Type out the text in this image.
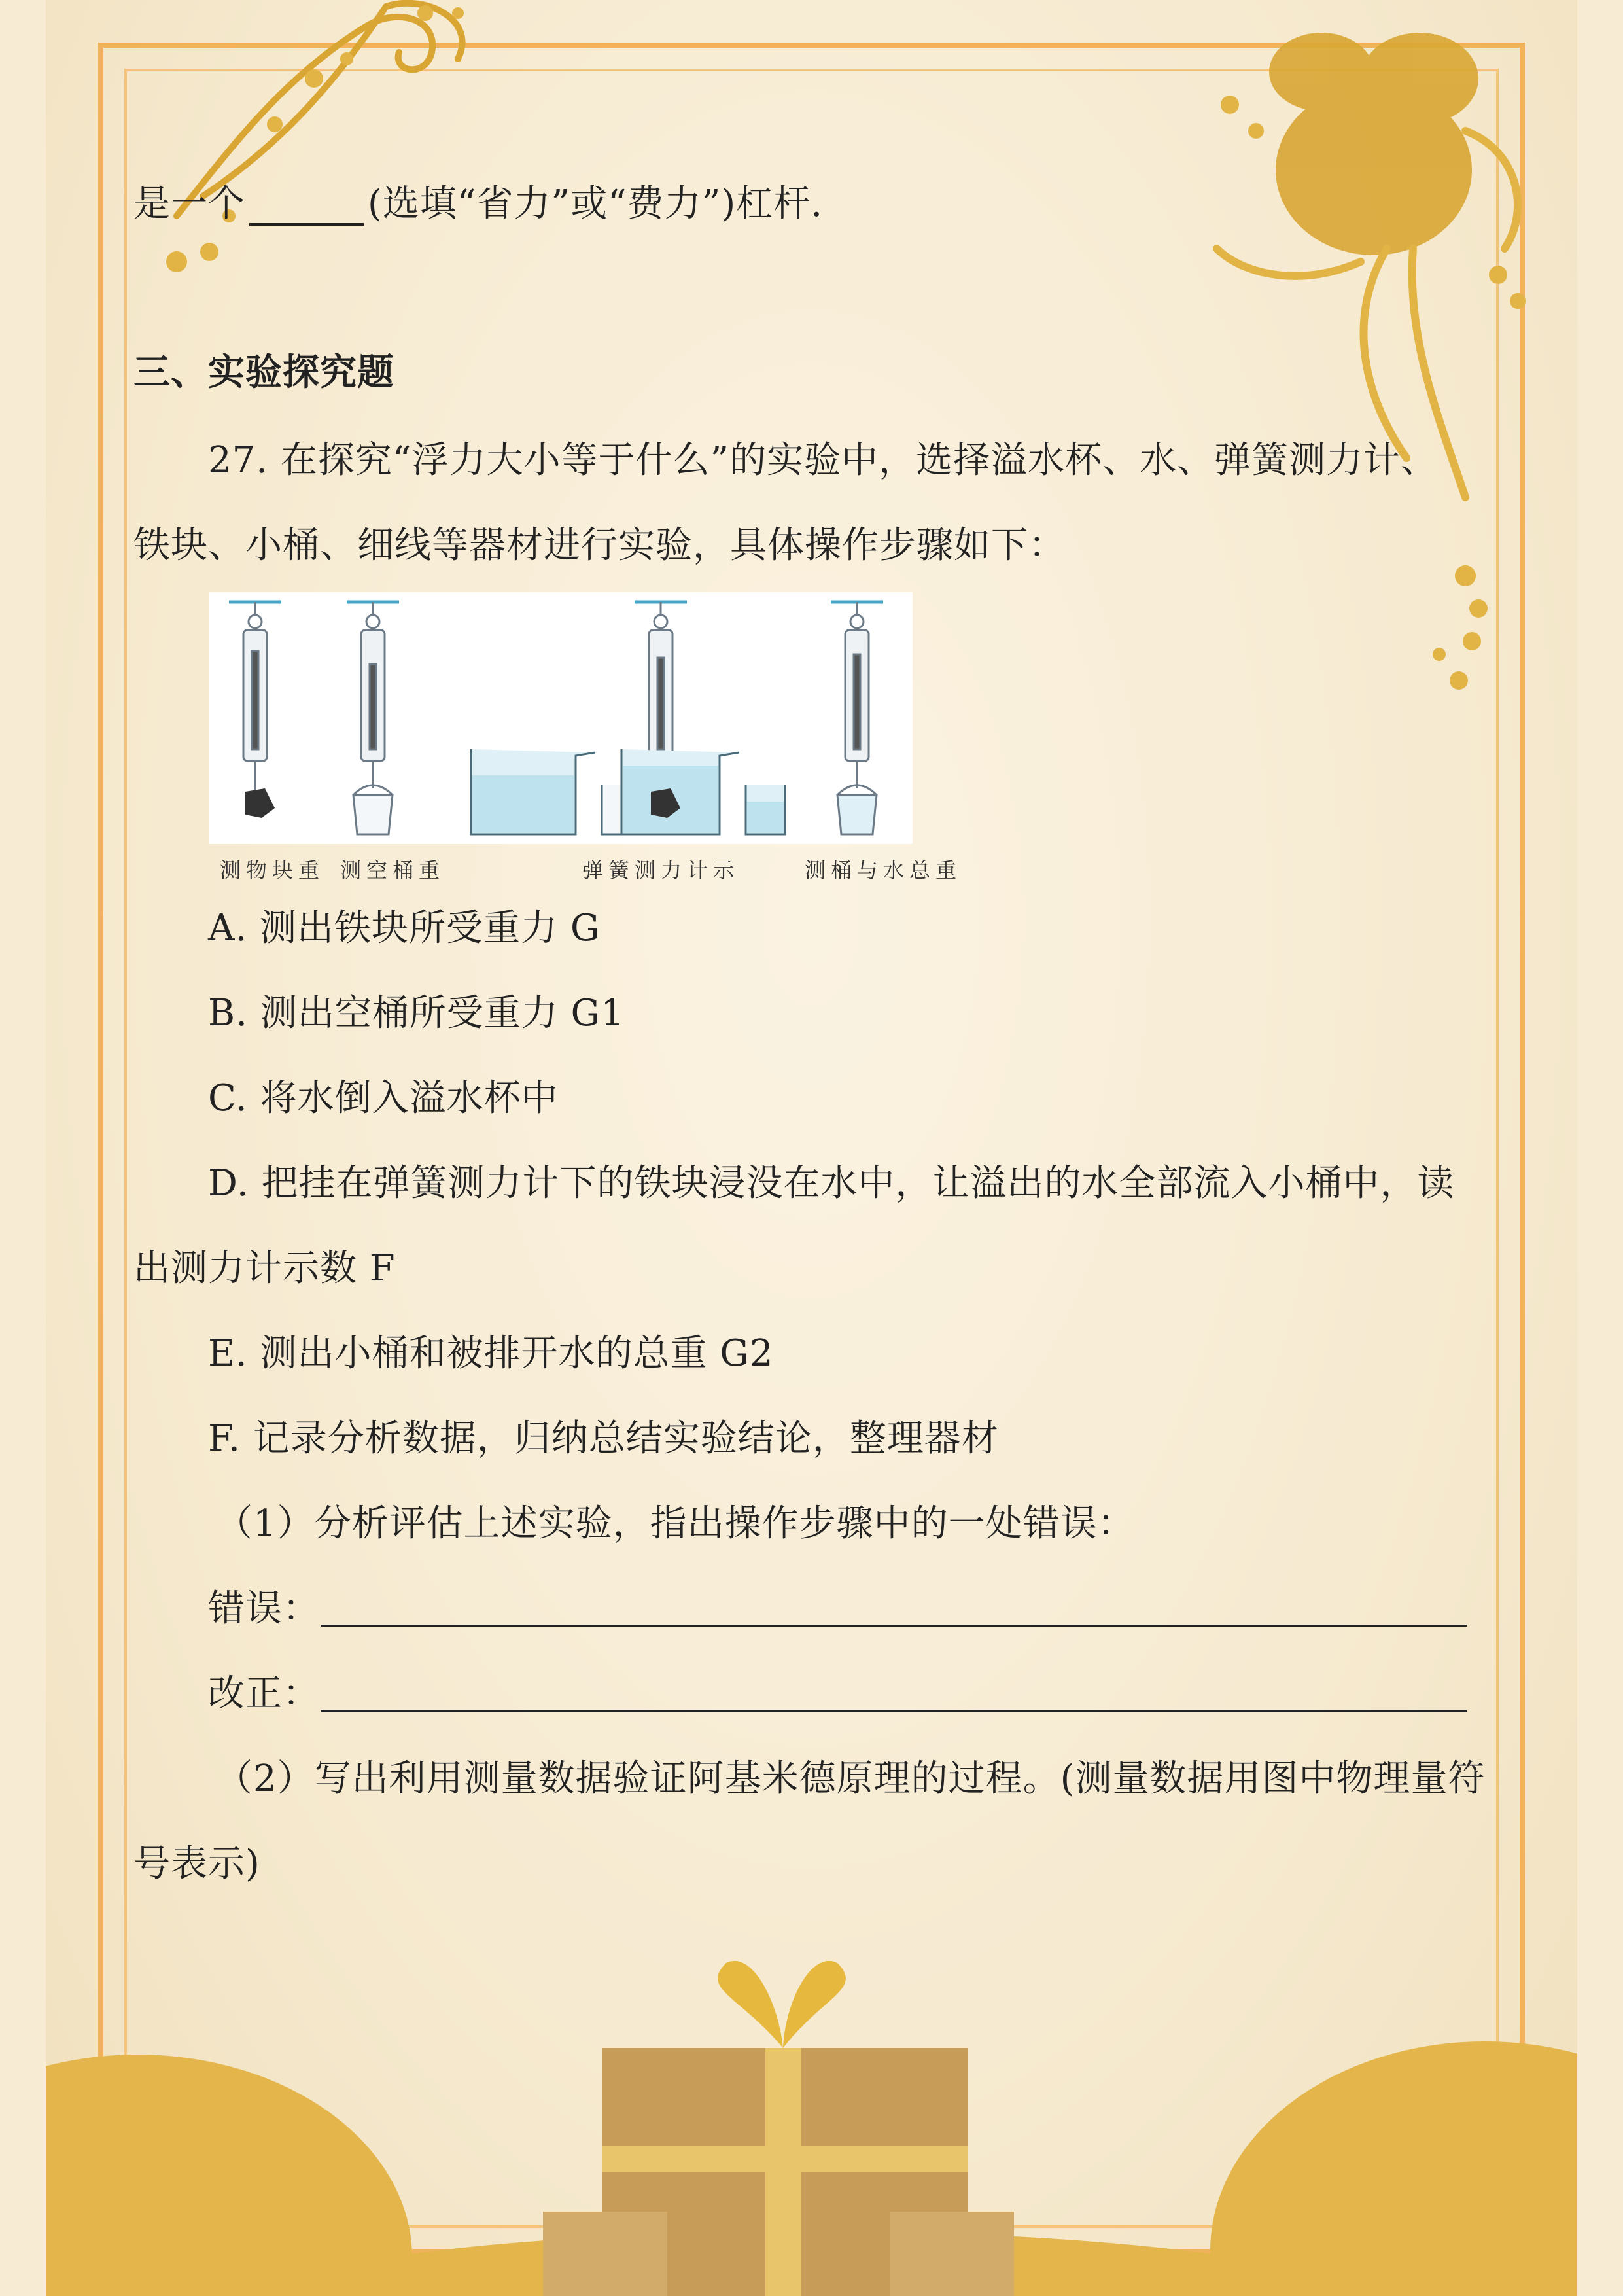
是一个	(选填“省力”或“费力”)杠杆.
三、实验探究题
27. 在探究“浮力大小等于什么”的实验中，选择溢水杯、水、弹簧测力计、
铁块、小桶、细线等器材进行实验，具体操作步骤如下：
测物块重 测空桶重	弹簧测力计示	测桶与水总重
A. 测出铁块所受重力 G
B. 测出空桶所受重力 G1
C. 将水倒入溢水杯中
D. 把挂在弹簧测力计下的铁块浸没在水中，让溢出的水全部流入小桶中，读
出测力计示数 F
E. 测出小桶和被排开水的总重 G2
F. 记录分析数据，归纳总结实验结论，整理器材
（1）分析评估上述实验，指出操作步骤中的一处错误：
错误：
改正：
（2）写出利用测量数据验证阿基米德原理的过程。(测量数据用图中物理量符
号表示)
